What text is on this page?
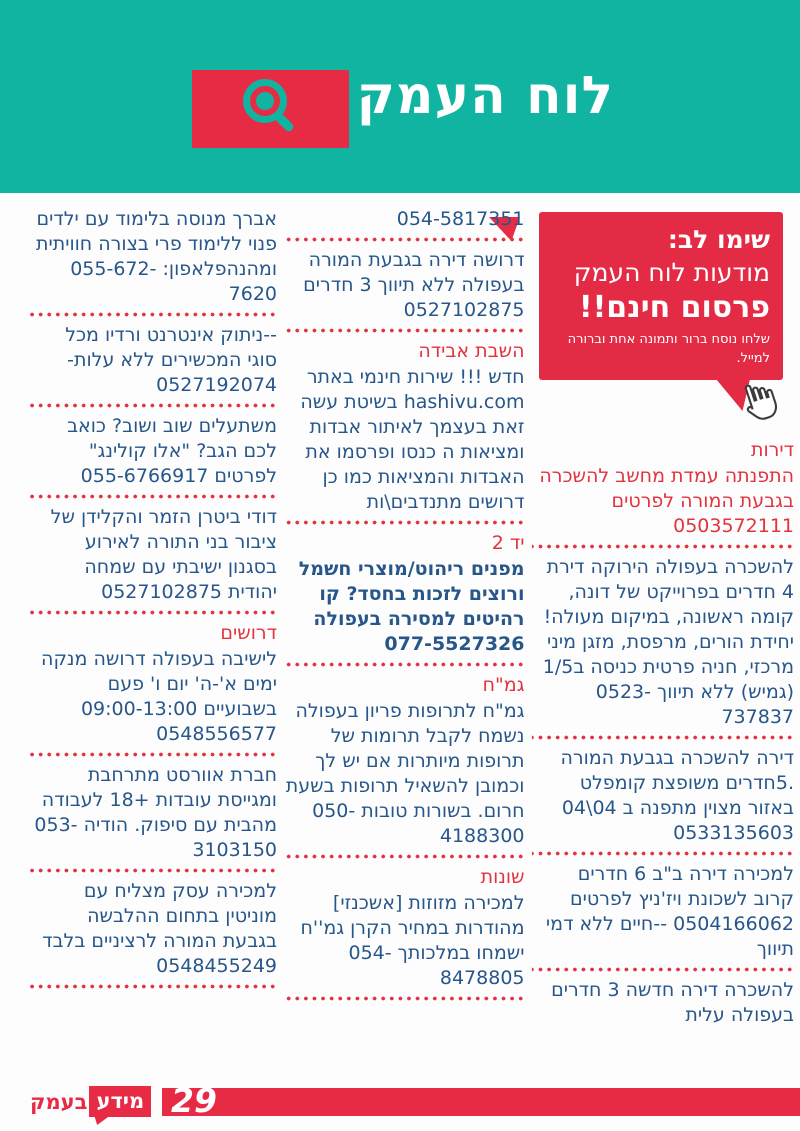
לוח העמק
שימו לב:
מודעות לוח העמק
פרסום חינם!!
שלחו נוסח ברור ותמונה אחת וברורה למייל.
דירות
התפנתה עמדת מחשב להשכרה בגבעת המורה לפרטים 0503572111
להשכרה בעפולה הירוקה דירת 4 חדרים בפרוייקט של דונה, קומה ראשונה, במיקום מעולה! יחידת הורים, מרפסת, מזגן מיני מרכזי, חניה פרטית כניסה ב1/5 (גמיש) ללא תיווך 0523-737837
דירה להשכרה בגבעת המורה .5חדרים משופצת קומפלט באזור מצוין מתפנה ב 04\04 0533135603
למכירה דירה ב"ב 6 חדרים קרוב לשכונת ויז'ניץ לפרטים 0504166062 --חיים ללא דמי תיווך
להשכרה דירה חדשה 3 חדרים בעפולה עלית
054-5817351
דרושה דירה בגבעת המורה בעפולה ללא תיווך 3 חדרים 0527102875
השבת אבידה
חדש !!! שירות חינמי באתר hashivu.com בשיטת עשה זאת בעצמך לאיתור אבדות ומציאות ה כנסו ופרסמו את האבדות והמציאות כמו כן דרושים מתנדבים\ות
יד 2
מפנים ריהוט/מוצרי חשמל ורוצים לזכות בחסד? קו רהיטים למסירה בעפולה 077-5527326
גמ"ח
גמ"ח לתרופות פריון בעפולה נשמח לקבל תרומות של תרופות מיותרות אם יש לך וכמובן להשאיל תרופות בשעת חרום. בשורות טובות 050-4188300
שונות
למכירה מזוזות [אשכנזי] מהודרות במחיר הקרן גמ''ח ישמחו במלכותך 054-8478805
אברך מנוסה בלימוד עם ילדים פנוי ללימוד פרי בצורה חוויתית ומהנהפלאפון: 055-672-7620
--ניתוק אינטרנט ורדיו מכל סוגי המכשירים ללא עלות- 0527192074
משתעלים שוב ושוב? כואב לכם הגב? "אלו קולינג" לפרטים 055-6766917
דודי ביטרן הזמר והקלידן של ציבור בני התורה לאירוע בסגנון ישיבתי עם שמחה יהודית 0527102875
דרושים
לישיבה בעפולה דרושה מנקה ימים א'-ה' יום ו' פעם בשבועיים 09:00-13:00 0548556577
חברת אוורסט מתרחבת ומגייסת עובדות +18 לעבודה מהבית עם סיפוק. הודיה 053-3103150
למכירה עסק מצליח עם מוניטין בתחום ההלבשה בגבעת המורה לרציניים בלבד 0548455249
29
מידע
בעמק
